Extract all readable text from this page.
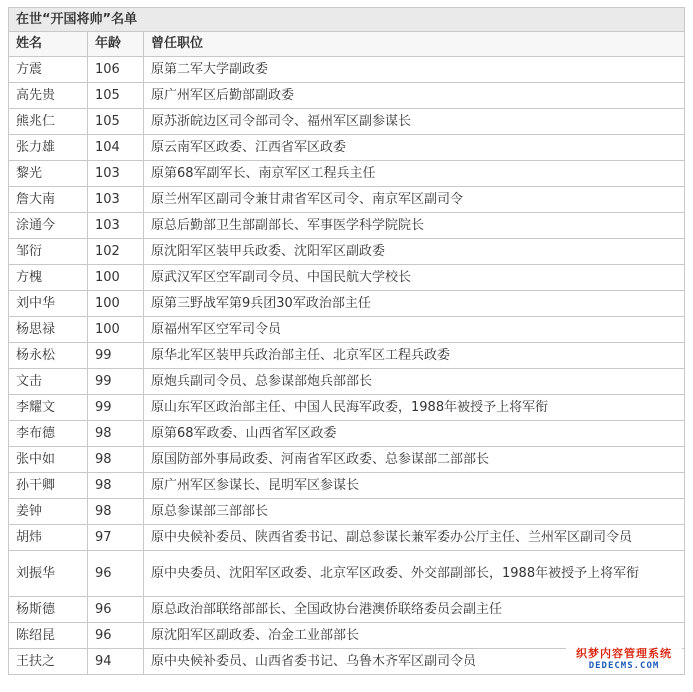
在世“开国将帅”名单		
姓名	年龄	曾任职位
方震	106	原第二军大学副政委
高先贵	105	原广州军区后勤部副政委
熊兆仁	105	原苏浙皖边区司令部司令、福州军区副参谋长
张力雄	104	原云南军区政委、江西省军区政委
黎光	103	原第68军副军长、南京军区工程兵主任
詹大南	103	原兰州军区副司令兼甘肃省军区司令、南京军区副司令
涂通今	103	原总后勤部卫生部副部长、军事医学科学院院长
邹衍	102	原沈阳军区装甲兵政委、沈阳军区副政委
方槐	100	原武汉军区空军副司令员、中国民航大学校长
刘中华	100	原第三野战军第9兵团30军政治部主任
杨思禄	100	原福州军区空军司令员
杨永松	99	原华北军区装甲兵政治部主任、北京军区工程兵政委
文击	99	原炮兵副司令员、总参谋部炮兵部部长
李耀文	99	原山东军区政治部主任、中国人民海军政委，1988年被授予上将军衔
李布德	98	原第68军政委、山西省军区政委
张中如	98	原国防部外事局政委、河南省军区政委、总参谋部二部部长
孙干卿	98	原广州军区参谋长、昆明军区参谋长
姜钟	98	原总参谋部三部部长
胡炜	97	原中央候补委员、陕西省委书记、副总参谋长兼军委办公厅主任、兰州军区副司令员
刘振华	96	原中央委员、沈阳军区政委、北京军区政委、外交部副部长，1988年被授予上将军衔
杨斯德	96	原总政治部联络部部长、全国政协台港澳侨联络委员会副主任
陈绍昆	96	原沈阳军区副政委、冶金工业部部长
王扶之	94	原中央候补委员、山西省委书记、乌鲁木齐军区副司令员	织梦内容管理系统
DEDECMS.COM
